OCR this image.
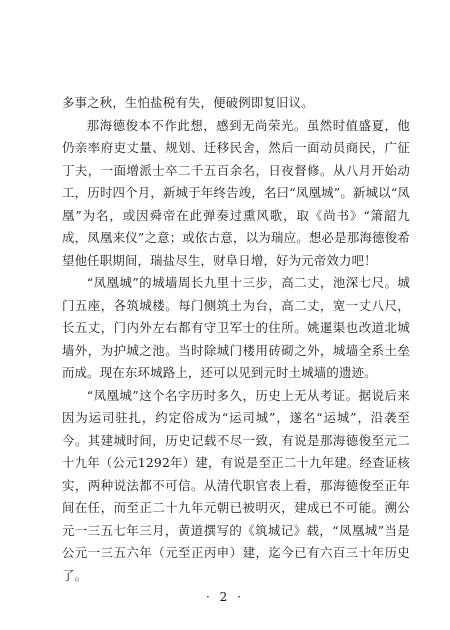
多事之秋，生怕盐税有失，便破例即复旧议。

那海德俊本不作此想，感到无尚荣光。虽然时值盛夏，他仍亲率府吏丈量、规划、迁移民舍，然后一面动员商民，广征丁夫，一面增派士卒二千五百余名，日夜督修。从八月开始动工，历时四个月，新城于年终告竣，名曰“凤凰城”。新城以“凤凰”为名，或因舜帝在此弹奏过熏风歌，取《尚书》“箫韶九成，凤凰来仪”之意；或依古意，以为瑞应。想必是那海德俊希望他任职期间，瑞盐尽生，财阜日增，好为元帝效力吧！

“凤凰城”的城墙周长九里十三步，高二丈，池深七尺。城门五座，各筑城楼。每门侧筑土为台，高二丈，宽一丈八尺，长五丈，门内外左右都有守卫军士的住所。姚暹渠也改道北城墙外，为护城之池。当时除城门楼用砖砌之外，城墙全系土垒而成。现在东环城路上，还可以见到元时土城墙的遗迹。

“凤凰城”这个名字历时多久，历史上无从考证。据说后来因为运司驻扎，约定俗成为“运司城”，遂名“运城”，沿袭至今。其建城时间，历史记载不尽一致，有说是那海德俊至元二十九年（公元1292年）建，有说是至正二十九年建。经查证核实，两种说法都不可信。从清代职官表上看，那海德俊至正年间在任，而至正二十九年元朝已被明灭，建成已不可能。溯公元一三五七年三月，黄道撰写的《筑城记》载，“凤凰城”当是公元一三五六年（元至正丙申）建，迄今已有六百三十年历史了。

· 2 ·
